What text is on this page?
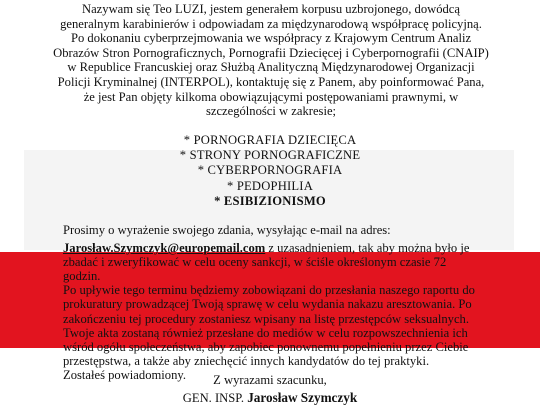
Nazywam się Teo LUZI, jestem generałem korpusu uzbrojonego, dowódcą

generalnym karabinierów i odpowiadam za międzynarodową współpracę policyjną.

Po dokonaniu cyberprzejmowania we współpracy z Krajowym Centrum Analiz

Obrazów Stron Pornograficznych, Pornografii Dziecięcej i Cyberpornografii (CNAIP)

w Republice Francuskiej oraz Służbą Analityczną Międzynarodowej Organizacji

Policji Kryminalnej (INTERPOL), kontaktuję się z Panem, aby poinformować Pana,

że jest Pan objęty kilkoma obowiązującymi postępowaniami prawnymi, w

szczególności w zakresie;

* PORNOGRAFIA DZIECIĘCA
* STRONY PORNOGRAFICZNE
* CYBERPORNOGRAFIA
* PEDOPHILIA
* ESIBIZIONISMO

Prosimy o wyrażenie swojego zdania, wysyłając e-mail na adres:

Jarosław.Szymczyk@europemail.com z uzasadnieniem, tak aby można było je

zbadać i zweryfikować w celu oceny sankcji, w ściśle określonym czasie 72 godzin.

Po upływie tego terminu będziemy zobowiązani do przesłania naszego raportu do

prokuratury prowadzącej Twoją sprawę w celu wydania nakazu aresztowania. Po

zakończeniu tej procedury zostaniesz wpisany na listę przestępców seksualnych.

Twoje akta zostaną również przesłane do mediów w celu rozpowszechnienia ich

wśród ogółu społeczeństwa, aby zapobiec ponownemu popełnieniu przez Ciebie

przestępstwa, a także aby zniechęcić innych kandydatów do tej praktyki.

Zostałeś powiadomiony.	Z wyrazami szacunku,

GEN. INSP. Jarosław Szymczyk
